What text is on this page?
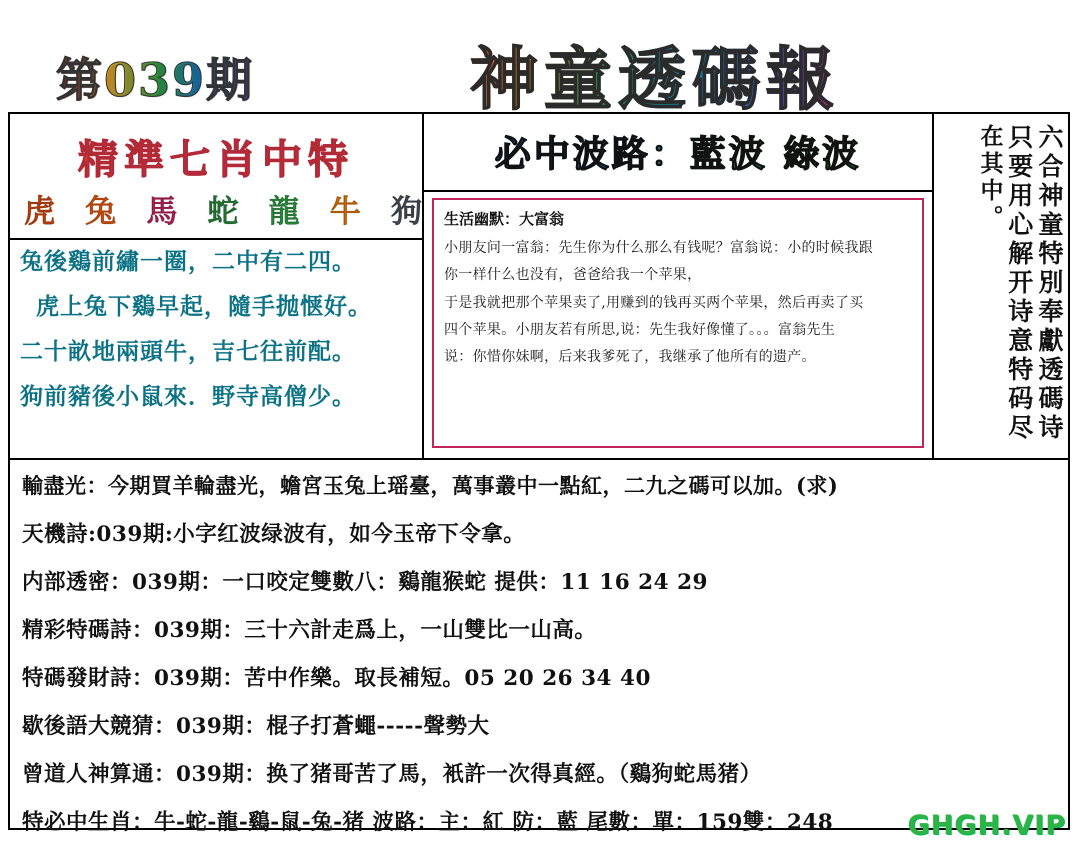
第039期	神童透碼報
精準七肖中特
虎 兔 馬 蛇 龍 牛 狗
兔後鷄前繡一圈，二中有二四。
虎上兔下鷄早起，隨手抛惬好。
二十畝地兩頭牛，吉七往前配。
狗前豬後小鼠來．野寺高僧少。
必中波路：藍波 綠波
生活幽默：大富翁
小朋友问一富翁：先生你为什么那么有钱呢？富翁说：小的时候我跟
你一样什么也没有，爸爸给我一个苹果，
于是我就把那个苹果卖了,用赚到的钱再买两个苹果，然后再卖了买
四个苹果。小朋友若有所思,说：先生我好像懂了。。。富翁先生
说：你惜你妹啊，后来我爹死了，我继承了他所有的遗产。	六合神童特別奉獻透碼诗
只要用心解开诗意特码尽
在其中。
輸盡光：今期買羊輪盡光，蟾宮玉兔上瑶臺，萬事叢中一點紅，二九之碼可以加。(求)
天機詩:039期:小字红波绿波有，如今玉帝下令拿。
内部透密：039期：一口咬定雙數八：鷄龍猴蛇 提供：11 16 24 29
精彩特碼詩：039期：三十六計走爲上，一山雙比一山高。
特碼發財詩：039期：苦中作樂。取長補短。05 20 26 34 40
歇後語大競猜：039期：棍子打蒼蠅-----聲勢大
曾道人神算通：039期：换了猪哥苦了馬，衹許一次得真經。（鷄狗蛇馬猪）
特必中生肖：牛-蛇-龍-鷄-鼠-兔-猪 波路：主：紅 防：藍 尾數：單：159雙：248	GHGH.VIP
